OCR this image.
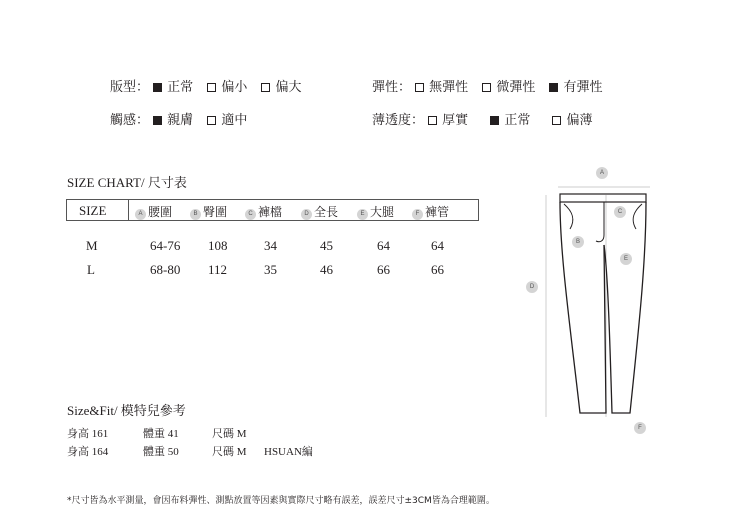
版型： 正常 偏小 偏大	彈性： 無彈性 微彈性 有彈性
觸感： 親膚 適中	薄透度： 厚實	正常	偏薄
SIZE CHART/ 尺寸表
SIZE	A 腰圍	B 臀圍	C 褲檔	D 全長	E 大腿	F 褲管
M	64-76 108	34	45	64	64
L	68-80 112	35	46	66	66
Size&Fit/ 模特兒參考
身高 161	體重 41	尺碼 M
身高 164	體重 50	尺碼 M HSUAN編
A
B
C
D
E
F
*尺寸皆為水平測量，會因布料彈性、測點放置等因素與實際尺寸略有誤差，誤差尺寸±3CM皆為合理範圍。
